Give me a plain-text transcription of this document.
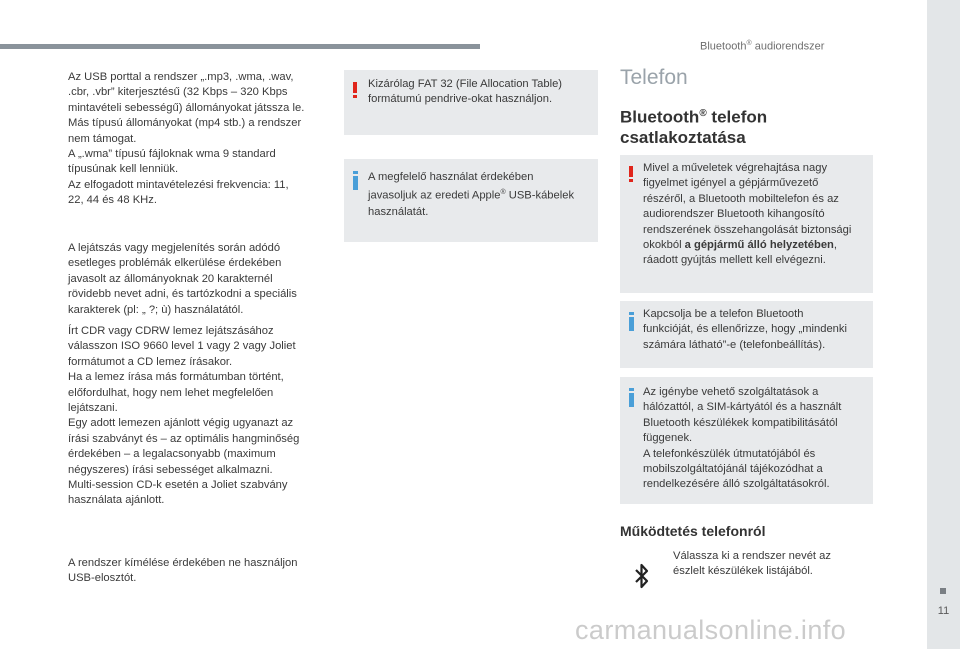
Bluetooth® audiorendszer
11
Az USB porttal a rendszer „.mp3, .wma, .wav,
.cbr, .vbr” kiterjesztésű (32 Kbps – 320 Kbps
mintavételi sebességű) állományokat játssza le.
Más típusú állományokat (mp4 stb.) a rendszer
nem támogat.
A „.wma” típusú fájloknak wma 9 standard
típusúnak kell lenniük.
Az elfogadott mintavételezési frekvencia: 11,
22, 44 és 48 KHz.
A lejátszás vagy megjelenítés során adódó
esetleges problémák elkerülése érdekében
javasolt az állományoknak 20 karakternél
rövidebb nevet adni, és tartózkodni a speciális
karakterek (pl: „ ?; ù) használatától.
Írt CDR vagy CDRW lemez lejátszásához
válasszon ISO 9660 level 1 vagy 2 vagy Joliet
formátumot a CD lemez írásakor.
Ha a lemez írása más formátumban történt,
előfordulhat, hogy nem lehet megfelelően
lejátszani.
Egy adott lemezen ajánlott végig ugyanazt az
írási szabványt és – az optimális hangminőség
érdekében – a legalacsonyabb (maximum
négyszeres) írási sebességet alkalmazni.
Multi-session CD-k esetén a Joliet szabvány
használata ajánlott.
A rendszer kímélése érdekében ne használjon
USB-elosztót.
Kizárólag FAT 32 (File Allocation Table)
formátumú pendrive-okat használjon.
A megfelelő használat érdekében
javasoljuk az eredeti Apple® USB-kábelek
használatát.
Telefon
Bluetooth® telefon
csatlakoztatása
Mivel a műveletek végrehajtása nagy
figyelmet igényel a gépjárművezető
részéről, a Bluetooth mobiltelefon és az
audiorendszer Bluetooth kihangosító
rendszerének összehangolását biztonsági
okokból a gépjármű álló helyzetében,
ráadott gyújtás mellett kell elvégezni.
Kapcsolja be a telefon Bluetooth
funkcióját, és ellenőrizze, hogy „mindenki
számára látható”-e (telefonbeállítás).
Az igénybe vehető szolgáltatások a
hálózattól, a SIM-kártyától és a használt
Bluetooth készülékek kompatibilitásától
függenek.
A telefonkészülék útmutatójából és
mobilszolgáltatójánál tájékozódhat a
rendelkezésére álló szolgáltatásokról.
Működtetés telefonról
Válassza ki a rendszer nevét az
észlelt készülékek listájából.
carmanualsonline.info
